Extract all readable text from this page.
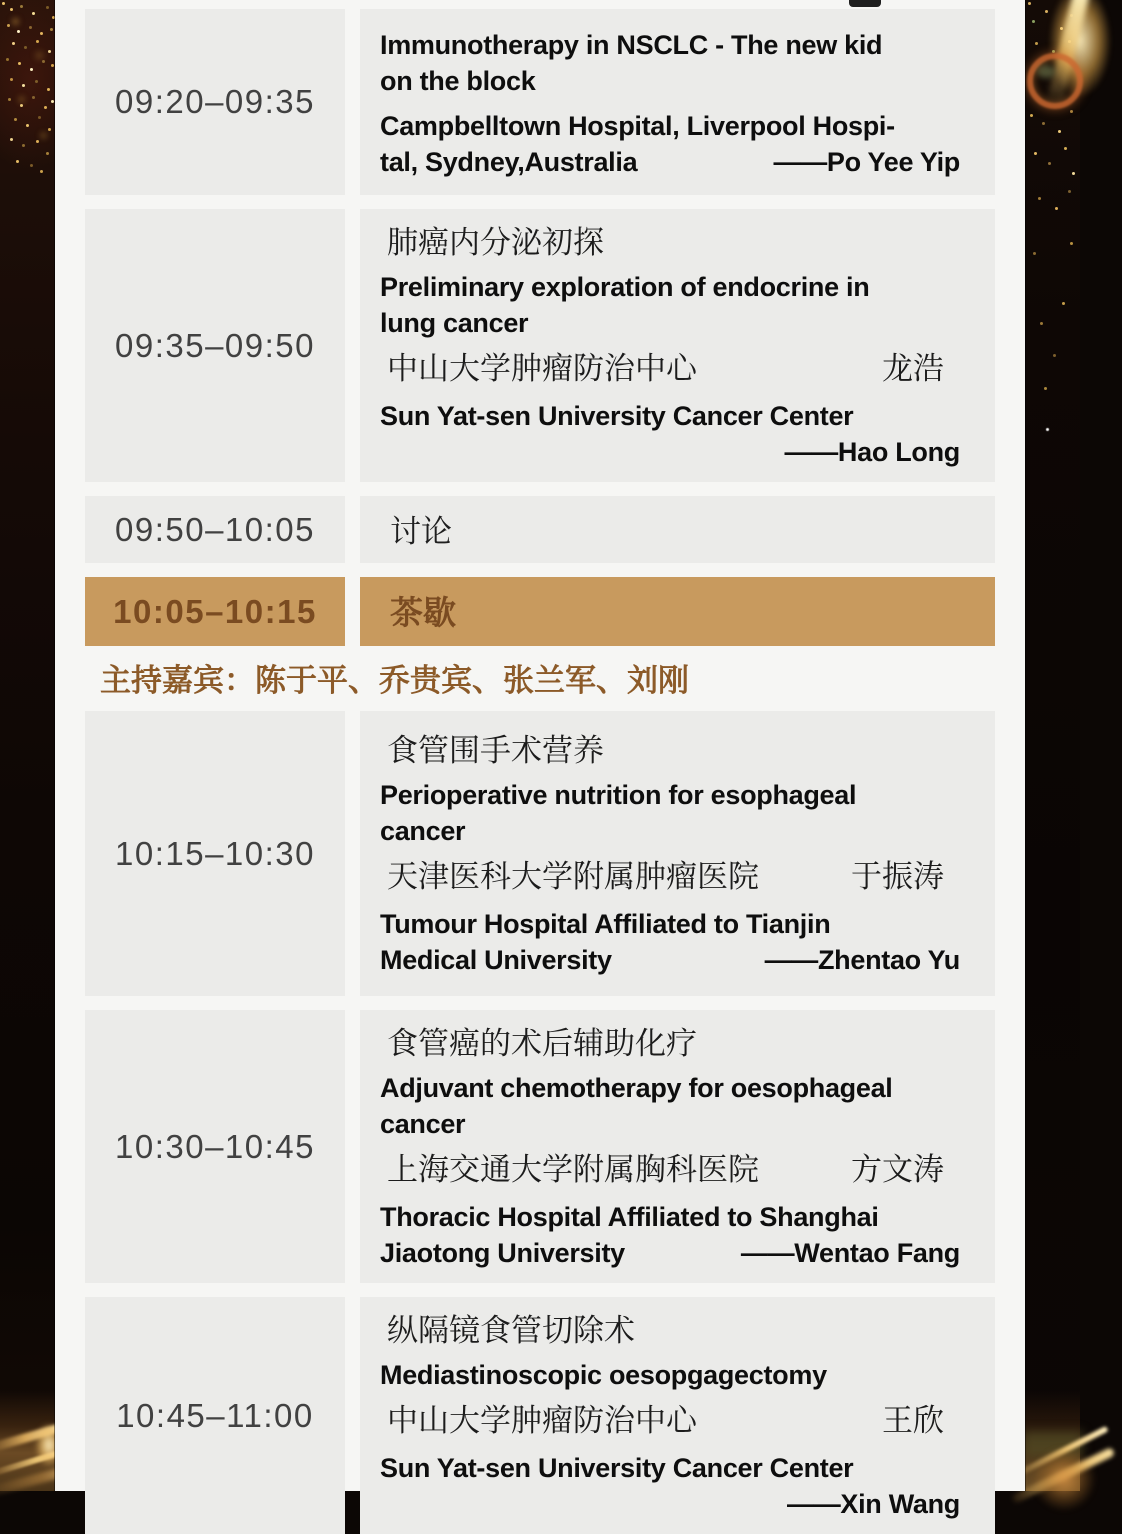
09:20–09:35
Immunotherapy in NSCLC - The new kid
on the block
Campbelltown Hospital, Liverpool Hospi-
tal, Sydney,Australia	——Po Yee Yip
09:35–09:50
肺癌内分泌初探
Preliminary exploration of endocrine in
lung cancer
中山大学肿瘤防治中心	龙浩
Sun Yat-sen University Cancer Center
——Hao Long
09:50–10:05	讨论
10:05–10:15	茶歇
主持嘉宾：陈于平、乔贵宾、张兰军、刘刚
10:15–10:30
食管围手术营养
Perioperative nutrition for esophageal
cancer
天津医科大学附属肿瘤医院	于振涛
Tumour Hospital Affiliated to Tianjin
Medical University	——Zhentao Yu
10:30–10:45
食管癌的术后辅助化疗
Adjuvant chemotherapy for oesophageal
cancer
上海交通大学附属胸科医院	方文涛
Thoracic Hospital Affiliated to Shanghai
Jiaotong University	——Wentao Fang
10:45–11:00
纵隔镜食管切除术
Mediastinoscopic oesopgagectomy
中山大学肿瘤防治中心	王欣
Sun Yat-sen University Cancer Center
——Xin Wang
